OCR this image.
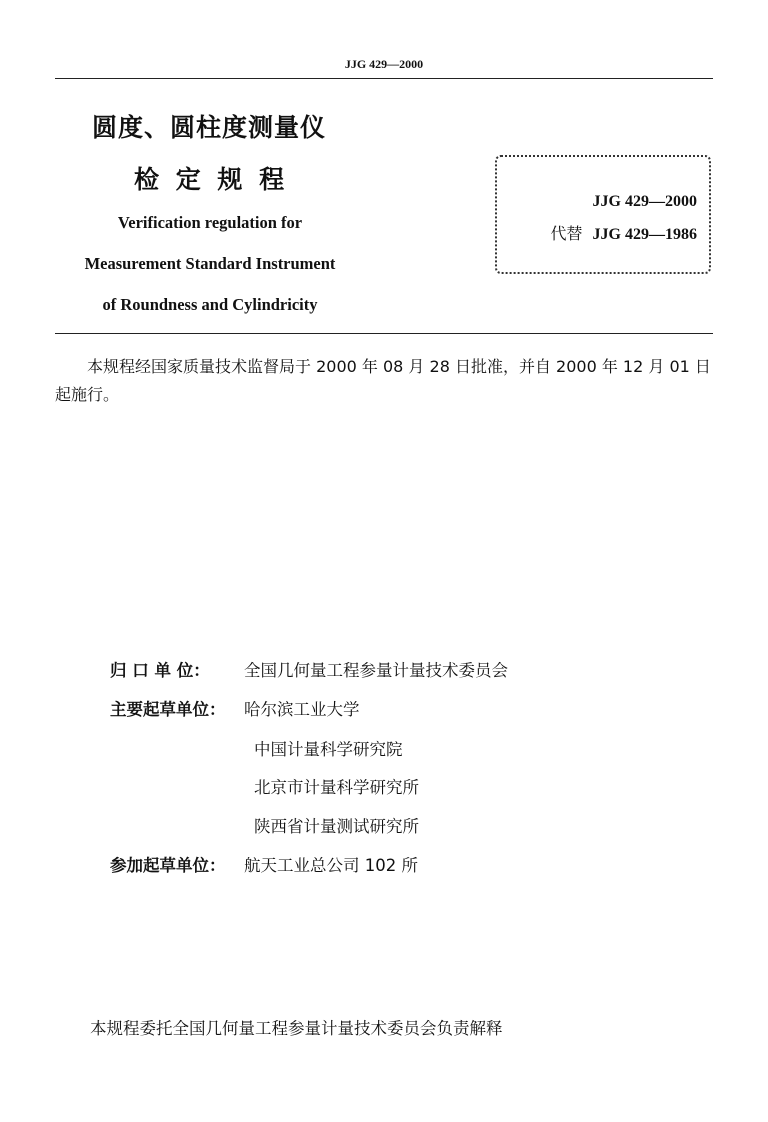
JJG 429—2000
圆度、圆柱度测量仪
检 定 规 程
Verification regulation for
Measurement Standard Instrument
of Roundness and Cylindricity
JJG 429—2000
代替 JJG 429—1986
本规程经国家质量技术监督局于 2000 年 08 月 28 日批准，并自 2000 年 12 月 01 日起施行。
归 口 单 位： 全国几何量工程参量计量技术委员会
主要起草单位： 哈尔滨工业大学
中国计量科学研究院
北京市计量科学研究所
陕西省计量测试研究所
参加起草单位： 航天工业总公司 102 所
本规程委托全国几何量工程参量计量技术委员会负责解释
